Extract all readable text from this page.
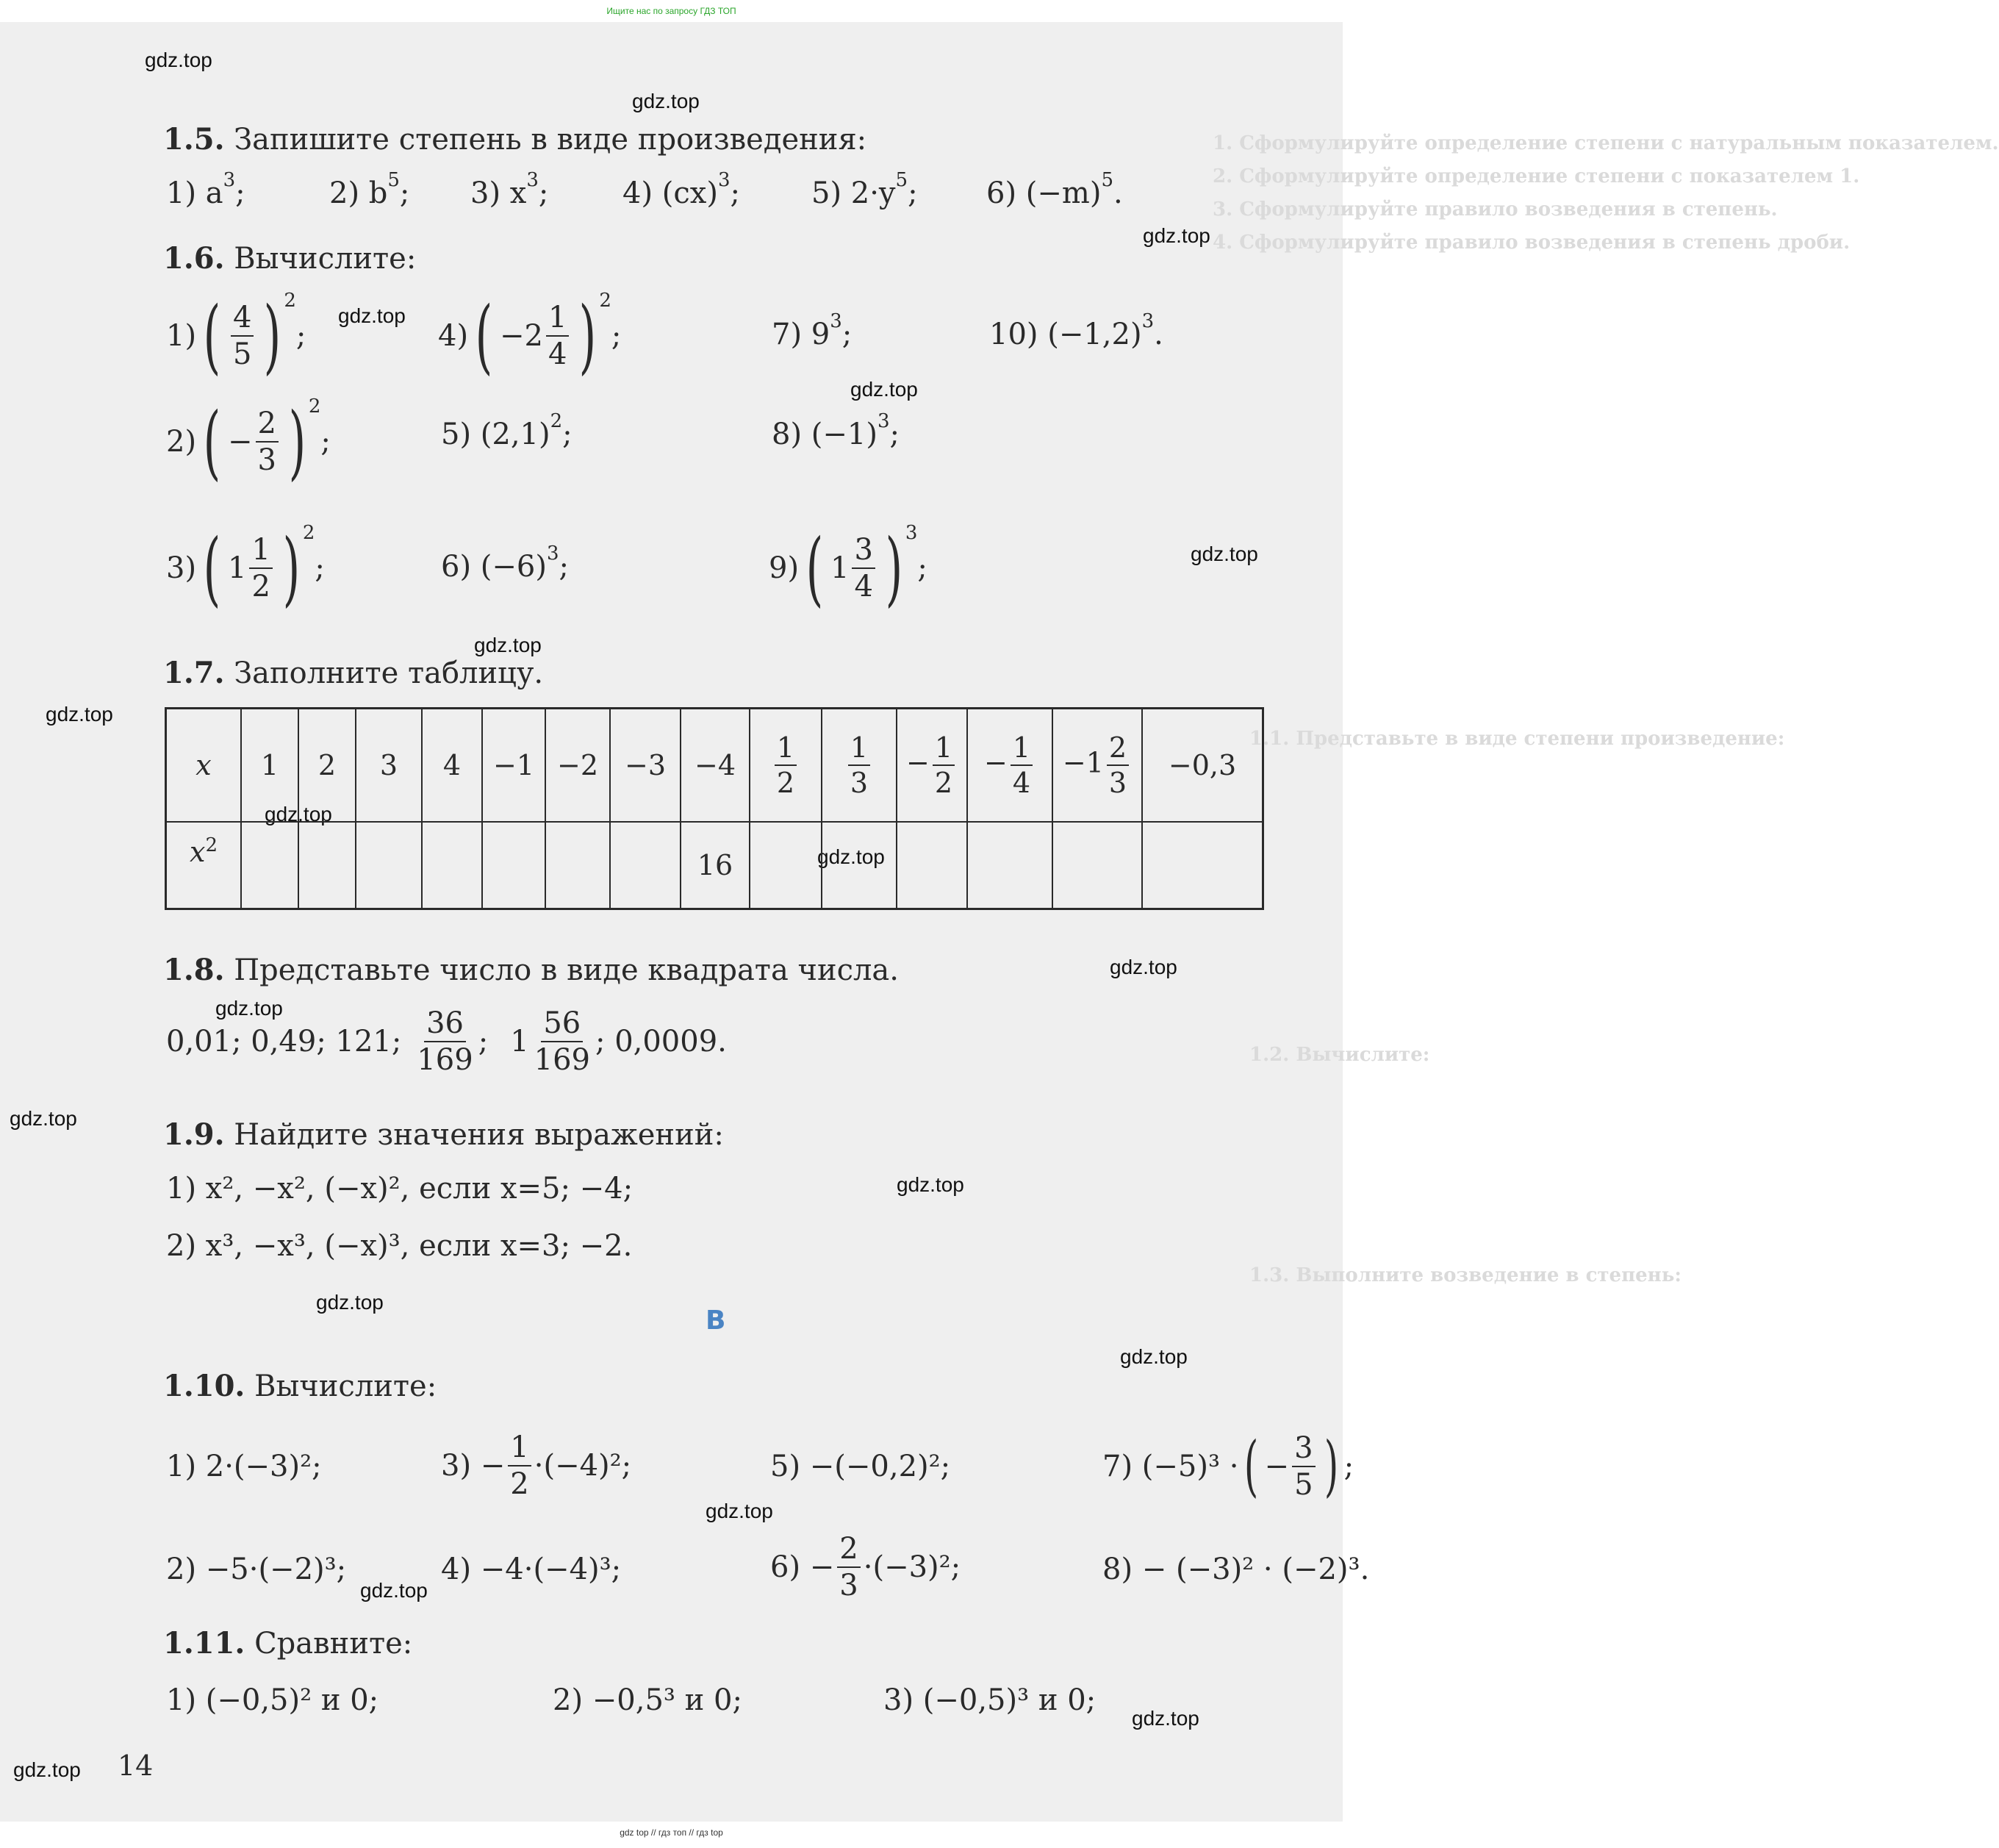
Ищите нас по запросу ГДЗ ТОП
1. Сформулируйте определение степени с натуральным показателем.
2. Сформулируйте определение степени с показателем 1.
3. Сформулируйте правило возведения в степень.
4. Сформулируйте правило возведения в степень дроби.
1.1. Представьте в виде степени произведение:
1.2. Вычислите:
1.3. Выполните возведение в степень:
gdz.top
gdz.top
gdz.top
gdz.top
gdz.top
gdz.top
gdz.top
gdz.top
gdz.top
gdz.top
gdz.top
gdz.top
gdz.top
gdz.top
gdz.top
gdz.top
gdz.top
gdz.top
gdz.top
gdz.top
1.5. Запишите степень в виде произведения:
1) a 3 ;	2) b 5 ; 3) x 3 ;	4) (cx) 3 ; 5) 2·y 5 ; 6) (−m) 5 .
1.6. Вычислите:
1) ( $\frac{4}{5}$ ) 2
;
2) ( − $\frac{2}{3}$ ) 2
;
3) ( $1 \frac{1}{2}$ ) 2
;
4) ( $-2 \frac{1}{4}$ ) 2
;
5) (2,1) 2 ;
6) (−6) 3 ;
7) 9 3 ;
8) (−1) 3 ;
9) ( $1 \frac{3}{4}$ ) 3
;
10) (−1,2) 3 .
1.7. Заполните таблицу.
x	1	2	3	4	−1	−2	−3	−4	$\frac{1}{2}$	$\frac{1}{3}$	− $\frac{1}{2}$	− $\frac{1}{4}$	$-1 \frac{2}{3}$	−0,3
$x^2$								16						
1.8. Представьте число в виде квадрата числа.
0,01; 0,49; 121; $\frac{36}{169}$ ; $1 \frac{56}{169}$ ; 0,0009.
1.9. Найдите значения выражений:
1) x², −x², (−x)², если x=5; −4;
2) x³, −x³, (−x)³, если x=3; −2.
B
1.10. Вычислите:
1) 2·(−3)²;
2) −5·(−2)³;
$3) - \frac{1}{2} \cdot(-4)^2$;
4) −4·(−4)³;
5) −(−0,2)²;
$6) - \frac{2}{3} \cdot(-3)^2$;
7) (−5)³ · ( − $\frac{3}{5}$ ) ;
8) − (−3)² · (−2)³.
1.11. Сравните:
1) (−0,5)² и 0;	2) −0,5³ и 0;	3) (−0,5)³ и 0;
14
gdz top // гдз топ // гдз top
